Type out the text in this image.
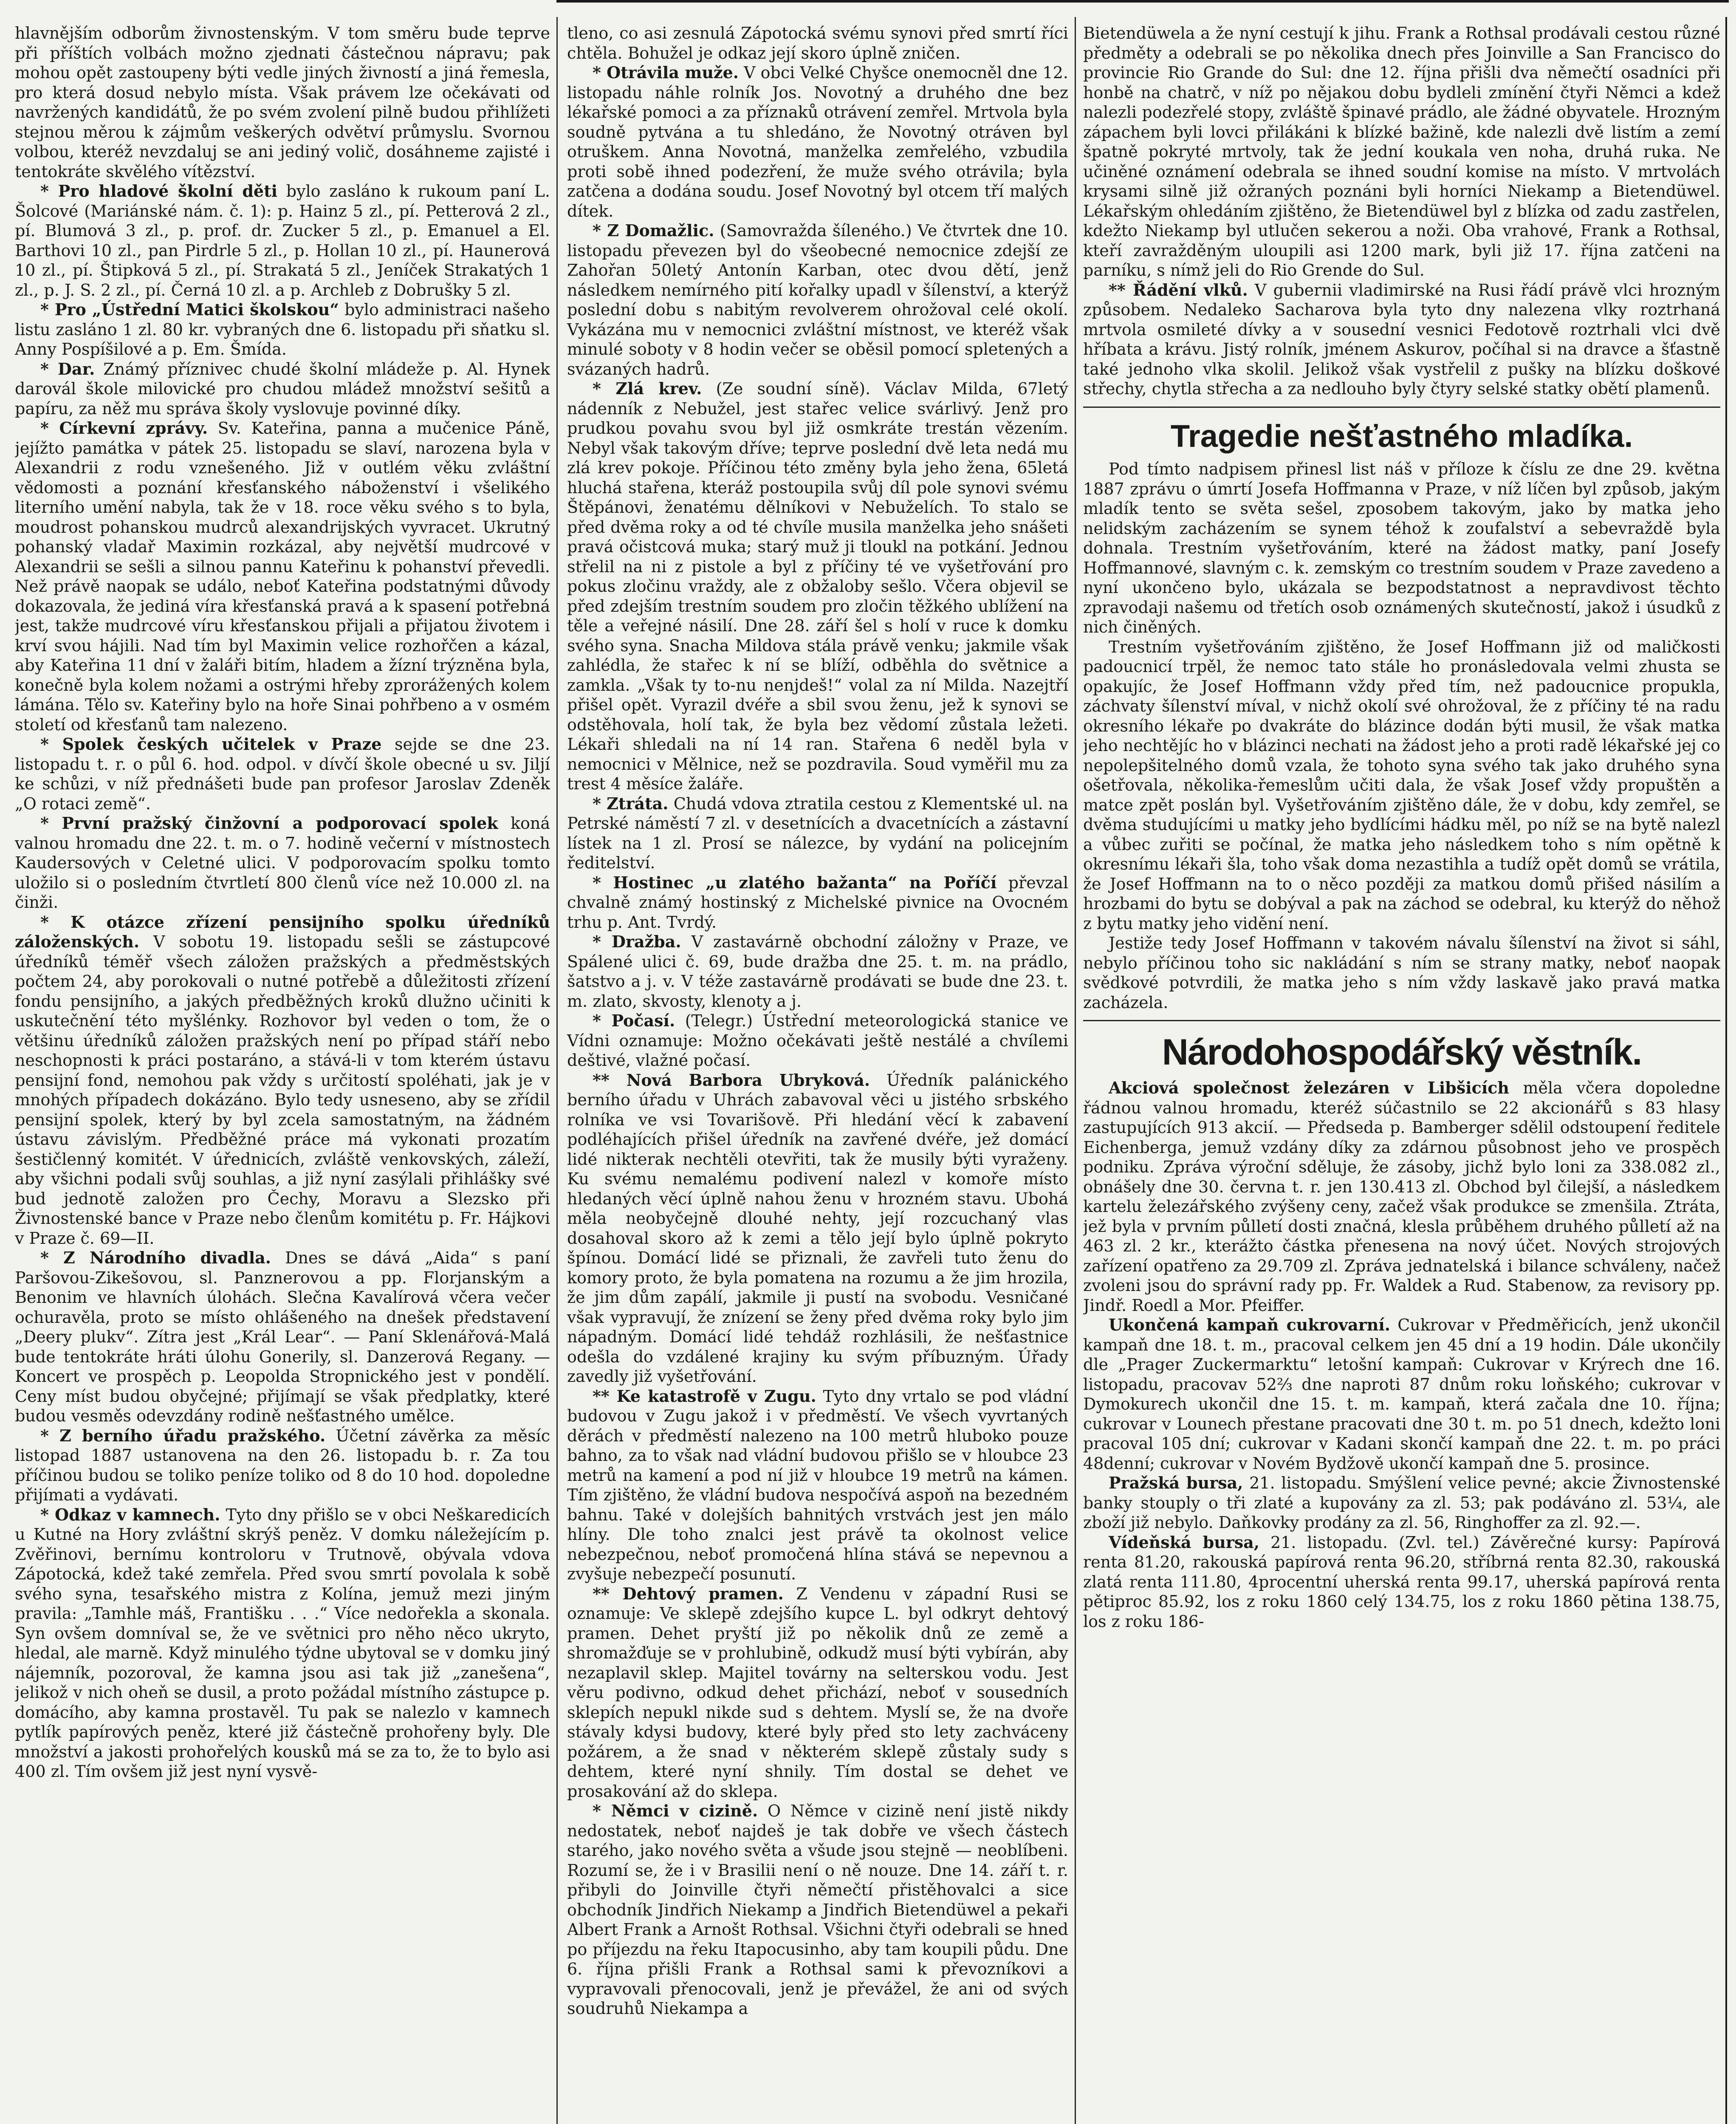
hlavnějším odborům živnostenským. V tom směru bude teprve při příštích volbách možno zjednati částečnou nápravu; pak mohou opět zastoupeny býti vedle jiných živností a jiná řemesla, pro která dosud nebylo místa. Však právem lze očekávati od navržených kandidátů, že po svém zvolení pilně budou přihlížeti stejnou měrou k zájmům veškerých odvětví průmyslu. Svornou volbou, kteréž nevzdaluj se ani jediný volič, dosáhneme zajisté i tentokráte skvělého vítězství.

* Pro hladové školní děti bylo zasláno k rukoum paní L. Šolcové (Mariánské nám. č. 1): p. Hainz 5 zl., pí. Petterová 2 zl., pí. Blumová 3 zl., p. prof. dr. Zucker 5 zl., p. Emanuel a El. Barthovi 10 zl., pan Pirdrle 5 zl., p. Hollan 10 zl., pí. Haunerová 10 zl., pí. Štipková 5 zl., pí. Strakatá 5 zl., Jeníček Strakatých 1 zl., p. J. S. 2 zl., pí. Černá 10 zl. a p. Archleb z Dobrušky 5 zl.

* Pro „Ústřední Matici školskou“ bylo administraci našeho listu zasláno 1 zl. 80 kr. vybraných dne 6. listopadu při sňatku sl. Anny Pospíšilové a p. Em. Šmída.

* Dar. Známý příznivec chudé školní mládeže p. Al. Hynek darovál škole milovické pro chudou mládež množství sešitů a papíru, za něž mu správa školy vyslovuje povinné díky.

* Církevní zprávy. Sv. Kateřina, panna a mučenice Páně, jejížto památka v pátek 25. listopadu se slaví, narozena byla v Alexandrii z rodu vznešeného. Již v outlém věku zvláštní vědomosti a poznání křesťanského náboženství i všelikého literního umění nabyla, tak že v 18. roce věku svého s to byla, moudrost pohanskou mudrců alexandrijských vyvracet. Ukrutný pohanský vladař Maximin rozkázal, aby největší mudrcové v Alexandrii se sešli a silnou pannu Kateřinu k pohanství převedli. Než právě naopak se událo, neboť Kateřina podstatnými důvody dokazovala, že jediná víra křesťanská pravá a k spasení potřebná jest, takže mudrcové víru křesťanskou přijali a přijatou životem i krví svou hájili. Nad tím byl Maximin velice rozhořčen a kázal, aby Kateřina 11 dní v žaláři bitím, hladem a žízní trýzněna byla, konečně byla kolem nožami a ostrými hřeby zprorážených kolem lámána. Tělo sv. Kateřiny bylo na hoře Sinai pohřbeno a v osmém století od křesťanů tam nalezeno.

* Spolek českých učitelek v Praze sejde se dne 23. listopadu t. r. o půl 6. hod. odpol. v dívčí škole obecné u sv. Jiljí ke schůzi, v níž přednášeti bude pan profesor Jaroslav Zdeněk „O rotaci země“.

* První pražský činžovní a podporovací spolek koná valnou hromadu dne 22. t. m. o 7. hodině večerní v místnostech Kaudersových v Celetné ulici. V podporovacím spolku tomto uložilo si o posledním čtvrtletí 800 členů více než 10.000 zl. na činži.

* K otázce zřízení pensijního spolku úředníků záloženských. V sobotu 19. listopadu sešli se zástupcové úředníků téměř všech záložen pražských a předměstských počtem 24, aby porokovali o nutné potřebě a důležitosti zřízení fondu pensijního, a jakých předběžných kroků dlužno učiniti k uskutečnění této myšlénky. Rozhovor byl veden o tom, že o většinu úředníků záložen pražských není po případ stáří nebo neschopnosti k práci postaráno, a stává-li v tom kterém ústavu pensijní fond, nemohou pak vždy s určitostí spoléhati, jak je v mnohých případech dokázáno. Bylo tedy usneseno, aby se zřídil pensijní spolek, který by byl zcela samostatným, na žádném ústavu závislým. Předběžné práce má vykonati prozatím šestičlenný komitét. V úřednicích, zvláště venkovských, záleží, aby všichni podali svůj souhlas, a již nyní zasýlali přihlášky své bud jednotě založen pro Čechy, Moravu a Slezsko při Živnostenské bance v Praze nebo členům komitétu p. Fr. Hájkovi v Praze č. 69—II.

* Z Národního divadla. Dnes se dává „Aida“ s paní Paršovou-Zikešovou, sl. Panznerovou a pp. Florjanským a Benonim ve hlavních úlohách. Slečna Kavalírová včera večer ochuravěla, proto se místo ohlášeného na dnešek představení „Deery plukv“. Zítra jest „Král Lear“. — Paní Sklenářová-Malá bude tentokráte hráti úlohu Gonerily, sl. Danzerová Regany. — Koncert ve prospěch p. Leopolda Stropnického jest v pondělí. Ceny míst budou obyčejné; přijímají se však předplatky, které budou vesměs odevzdány rodině nešťastného umělce.

* Z berního úřadu pražského. Účetní závěrka za měsíc listopad 1887 ustanovena na den 26. listopadu b. r. Za tou příčinou budou se toliko peníze toliko od 8 do 10 hod. dopoledne přijímati a vydávati.

* Odkaz v kamnech. Tyto dny přišlo se v obci Neškaredicích u Kutné na Hory zvláštní skrýš peněz. V domku náležejícím p. Zvěřinovi, bernímu kontroloru v Trutnově, obývala vdova Zápotocká, kdež také zemřela. Před svou smrtí povolala k sobě svého syna, tesařského mistra z Kolína, jemuž mezi jiným pravila: „Tamhle máš, Františku . . .“ Více nedořekla a skonala. Syn ovšem domníval se, že ve světnici pro něho něco ukryto, hledal, ale marně. Když minulého týdne ubytoval se v domku jiný nájemník, pozoroval, že kamna jsou asi tak již „zanešena“, jelikož v nich oheň se dusil, a proto požádal místního zástupce p. domácího, aby kamna prostavěl. Tu pak se nalezlo v kamnech pytlík papírových peněz, které již částečně prohořeny byly. Dle množství a jakosti prohořelých kousků má se za to, že to bylo asi 400 zl. Tím ovšem již jest nyní vysvě-

tleno, co asi zesnulá Zápotocká svému synovi před smrtí říci chtěla. Bohužel je odkaz její skoro úplně zničen.

* Otrávila muže. V obci Velké Chyšce onemocněl dne 12. listopadu náhle rolník Jos. Novotný a druhého dne bez lékařské pomoci a za příznaků otrávení zemřel. Mrtvola byla soudně pytvána a tu shledáno, že Novotný otráven byl otruškem. Anna Novotná, manželka zemřelého, vzbudila proti sobě ihned podezření, že muže svého otrávila; byla zatčena a dodána soudu. Josef Novotný byl otcem tří malých dítek.

* Z Domažlic. (Samovražda šíleného.) Ve čtvrtek dne 10. listopadu převezen byl do všeobecné nemocnice zdejší ze Zahořan 50letý Antonín Karban, otec dvou dětí, jenž následkem nemírného pití kořalky upadl v šílenství, a kterýž poslední dobu s nabitým revolverem ohrožoval celé okolí. Vykázána mu v nemocnici zvláštní místnost, ve kteréž však minulé soboty v 8 hodin večer se oběsil pomocí spletených a svázaných hadrů.

* Zlá krev. (Ze soudní síně). Václav Milda, 67letý nádenník z Nebužel, jest stařec velice svárlivý. Jenž pro prudkou povahu svou byl již osmkráte trestán vězením. Nebyl však takovým dříve; teprve poslední dvě leta nedá mu zlá krev pokoje. Příčinou této změny byla jeho žena, 65letá hluchá stařena, kteráž postoupila svůj díl pole synovi svému Štěpánovi, ženatému dělníkovi v Nebuželích. To stalo se před dvěma roky a od té chvíle musila manželka jeho snášeti pravá očistcová muka; starý muž ji tloukl na potkání. Jednou střelil na ni z pistole a byl z příčiny té ve vyšetřování pro pokus zločinu vraždy, ale z obžaloby sešlo. Včera objevil se před zdejším trestním soudem pro zločin těžkého ublížení na těle a veřejné násilí. Dne 28. září šel s holí v ruce k domku svého syna. Snacha Mildova stála právě venku; jakmile však zahlédla, že stařec k ní se blíží, odběhla do světnice a zamkla. „Však ty to-nu nenjdeš!“ volal za ní Milda. Nazejtří přišel opět. Vyrazil dvéře a sbil svou ženu, jež k synovi se odstěhovala, holí tak, že byla bez vědomí zůstala ležeti. Lékaři shledali na ní 14 ran. Stařena 6 neděl byla v nemocnici v Mělnice, než se pozdravila. Soud vyměřil mu za trest 4 měsíce žaláře.

* Ztráta. Chudá vdova ztratila cestou z Klementské ul. na Petrské náměstí 7 zl. v desetnících a dvacetnících a zástavní lístek na 1 zl. Prosí se nálezce, by vydání na policejním ředitelství.

* Hostinec „u zlatého bažanta“ na Poříčí převzal chvalně známý hostinský z Michelské pivnice na Ovocném trhu p. Ant. Tvrdý.

* Dražba. V zastavárně obchodní záložny v Praze, ve Spálené ulici č. 69, bude dražba dne 25. t. m. na prádlo, šatstvo a j. v. V téže zastavárně prodávati se bude dne 23. t. m. zlato, skvosty, klenoty a j.

* Počasí. (Telegr.) Ústřední meteorologická stanice ve Vídni oznamuje: Možno očekávati ještě nestálé a chvílemi deštivé, vlažné počasí.

** Nová Barbora Ubryková. Úředník palánického berního úřadu v Uhrách zabavoval věci u jistého srbského rolníka ve vsi Tovarišově. Při hledání věcí k zabavení podléhajících přišel úředník na zavřené dvéře, jež domácí lidé nikterak nechtěli otevřiti, tak že musily býti vyraženy. Ku svému nemalému podivení nalezl v komoře místo hledaných věcí úplně nahou ženu v hrozném stavu. Ubohá měla neobyčejně dlouhé nehty, její rozcuchaný vlas dosahoval skoro až k zemi a tělo její bylo úplně pokryto špínou. Domácí lidé se přiznali, že zavřeli tuto ženu do komory proto, že byla pomatena na rozumu a že jim hrozila, že jim dům zapálí, jakmile ji pustí na svobodu. Vesničané však vypravují, že znízení se ženy před dvěma roky bylo jim nápadným. Domácí lidé tehdáž rozhlásili, že nešťastnice odešla do vzdálené krajiny ku svým příbuzným. Úřady zavedly již vyšetřování.

** Ke katastrofě v Zugu. Tyto dny vrtalo se pod vládní budovou v Zugu jakož i v předměstí. Ve všech vyvrtaných děrách v předměstí nalezeno na 100 metrů hluboko pouze bahno, za to však nad vládní budovou přišlo se v hloubce 23 metrů na kamení a pod ní již v hloubce 19 metrů na kámen. Tím zjištěno, že vládní budova nespočívá aspoň na bezedném bahnu. Také v dolejších bahnitých vrstvách jest jen málo hlíny. Dle toho znalci jest právě ta okolnost velice nebezpečnou, neboť promočená hlína stává se nepevnou a zvyšuje nebezpečí posunutí.

** Dehtový pramen. Z Vendenu v západní Rusi se oznamuje: Ve sklepě zdejšího kupce L. byl odkryt dehtový pramen. Dehet pryští již po několik dnů ze země a shromažďuje se v prohlubině, odkudž musí býti vybírán, aby nezaplavil sklep. Majitel továrny na selterskou vodu. Jest věru podivno, odkud dehet přichází, neboť v sousedních sklepích nepukl nikde sud s dehtem. Myslí se, že na dvoře stávaly kdysi budovy, které byly před sto lety zachváceny požárem, a že snad v některém sklepě zůstaly sudy s dehtem, které nyní shnily. Tím dostal se dehet ve prosakování až do sklepa.

* Němci v cizině. O Němce v cizině není jistě nikdy nedostatek, neboť najdeš je tak dobře ve všech částech starého, jako nového světa a všude jsou stejně — neoblíbeni. Rozumí se, že i v Brasilii není o ně nouze. Dne 14. září t. r. přibyli do Joinville čtyři němečtí přistěhovalci a sice obchodník Jindřich Niekamp a Jindřich Bietendüwel a pekaři Albert Frank a Arnošt Rothsal. Všichni čtyři odebrali se hned po příjezdu na řeku Itapocusinho, aby tam koupili půdu. Dne 6. října přišli Frank a Rothsal sami k převozníkovi a vypravovali přenocovali, jenž je převážel, že ani od svých soudruhů Niekampa a

Bietendüwela a že nyní cestují k jihu. Frank a Rothsal prodávali cestou různé předměty a odebrali se po několika dnech přes Joinville a San Francisco do provincie Rio Grande do Sul: dne 12. října přišli dva němečtí osadníci při honbě na chatrč, v níž po nějakou dobu bydleli zmínění čtyři Němci a kdež nalezli podezřelé stopy, zvláště špinavé prádlo, ale žádné obyvatele. Hrozným zápachem byli lovci přilákáni k blízké bažině, kde nalezli dvě listím a zemí špatně pokryté mrtvoly, tak že jední koukala ven noha, druhá ruka. Ne učiněné oznámení odebrala se ihned soudní komise na místo. V mrtvolách krysami silně již ožraných poznáni byli horníci Niekamp a Bietendüwel. Lékařským ohledáním zjištěno, že Bietendüwel byl z blízka od zadu zastřelen, kdežto Niekamp byl utlučen sekerou a noži. Oba vrahové, Frank a Rothsal, kteří zavražděným uloupili asi 1200 mark, byli již 17. října zatčeni na parníku, s nímž jeli do Rio Grende do Sul.

** Řádění vlků. V gubernii vladimirské na Rusi řádí právě vlci hrozným způsobem. Nedaleko Sacharova byla tyto dny nalezena vlky roztrhaná mrtvola osmileté dívky a v sousední vesnici Fedotově roztrhali vlci dvě hříbata a krávu. Jistý rolník, jménem Askurov, počíhal si na dravce a šťastně také jednoho vlka skolil. Jelikož však vystřelil z pušky na blízku doškové střechy, chytla střecha a za nedlouho byly čtyry selské statky obětí plamenů.

Tragedie nešťastného mladíka.

Pod tímto nadpisem přinesl list náš v příloze k číslu ze dne 29. května 1887 zprávu o úmrtí Josefa Hoffmanna v Praze, v níž líčen byl způsob, jakým mladík tento se světa sešel, zposobem takovým, jako by matka jeho nelidským zacházením se synem téhož k zoufalství a sebevraždě byla dohnala. Trestním vyšetřováním, které na žádost matky, paní Josefy Hoffmannové, slavným c. k. zemským co trestním soudem v Praze zavedeno a nyní ukončeno bylo, ukázala se bezpodstatnost a nepravdivost těchto zpravodaji našemu od třetích osob oznámených skutečností, jakož i úsudků z nich činěných.

Trestním vyšetřováním zjištěno, že Josef Hoffmann již od maličkosti padoucnicí trpěl, že nemoc tato stále ho pronásledovala velmi zhusta se opakujíc, že Josef Hoffmann vždy před tím, než padoucnice propukla, záchvaty šílenství míval, v nichž okolí své ohrožoval, že z příčiny té na radu okresního lékaře po dvakráte do blázince dodán býti musil, že však matka jeho nechtějíc ho v blázinci nechati na žádost jeho a proti radě lékařské jej co nepolepšitelného domů vzala, že tohoto syna svého tak jako druhého syna ošetřovala, několika-řemeslům učiti dala, že však Josef vždy propuštěn a matce zpět poslán byl. Vyšetřováním zjištěno dále, že v dobu, kdy zemřel, se dvěma studujícími u matky jeho bydlícími hádku měl, po níž se na bytě nalezl a vůbec zuřiti se počínal, že matka jeho následkem toho s ním opětně k okresnímu lékaři šla, toho však doma nezastihla a tudíž opět domů se vrátila, že Josef Hoffmann na to o něco později za matkou domů přišed násilím a hrozbami do bytu se dobýval a pak na záchod se odebral, ku kterýž do něhož z bytu matky jeho vidění není.

Jestiže tedy Josef Hoffmann v takovém návalu šílenství na život si sáhl, nebylo příčinou toho sic nakládání s ním se strany matky, neboť naopak svědkové potvrdili, že matka jeho s ním vždy laskavě jako pravá matka zacházela.

Národohospodářský věstník.

Akciová společnost železáren v Libšicích měla včera dopoledne řádnou valnou hromadu, kteréž súčastnilo se 22 akcionářů s 83 hlasy zastupujících 913 akcií. — Předseda p. Bamberger sdělil odstoupení ředitele Eichenberga, jemuž vzdány díky za zdárnou působnost jeho ve prospěch podniku. Zpráva výroční sděluje, že zásoby, jichž bylo loni za 338.082 zl., obnášely dne 30. června t. r. jen 130.413 zl. Obchod byl čilejší, a následkem kartelu železářského zvýšeny ceny, začež však produkce se zmenšila. Ztráta, jež byla v prvním půlletí dosti značná, klesla průběhem druhého půlletí až na 463 zl. 2 kr., kterážto částka přenesena na nový účet. Nových strojových zařízení opatřeno za 29.709 zl. Zpráva jednatelská i bilance schváleny, načež zvoleni jsou do správní rady pp. Fr. Waldek a Rud. Stabenow, za revisory pp. Jindř. Roedl a Mor. Pfeiffer.

Ukončená kampaň cukrovarní. Cukrovar v Předměřicích, jenž ukončil kampaň dne 18. t. m., pracoval celkem jen 45 dní a 19 hodin. Dále ukončily dle „Prager Zuckermarktu“ letošní kampaň: Cukrovar v Krýrech dne 16. listopadu, pracovav 52⅔ dne naproti 87 dnům roku loňského; cukrovar v Dymokurech ukončil dne 15. t. m. kampaň, která začala dne 10. října; cukrovar v Lounech přestane pracovati dne 30 t. m. po 51 dnech, kdežto loni pracoval 105 dní; cukrovar v Kadani skončí kampaň dne 22. t. m. po práci 48denní; cukrovar v Novém Bydžově ukončí kampaň dne 5. prosince.

Pražská bursa, 21. listopadu. Smýšlení velice pevné; akcie Živnostenské banky stouply o tři zlaté a kupovány za zl. 53; pak podáváno zl. 53¼, ale zboží již nebylo. Daňkovky prodány za zl. 56, Ringhoffer za zl. 92.—.

Vídeňská bursa, 21. listopadu. (Zvl. tel.) Závěrečné kursy: Papírová renta 81.20, rakouská papírová renta 96.20, stříbrná renta 82.30, rakouská zlatá renta 111.80, 4procentní uherská renta 99.17, uherská papírová renta pětiproc 85.92, los z roku 1860 celý 134.75, los z roku 1860 pětina 138.75, los z roku 186-
